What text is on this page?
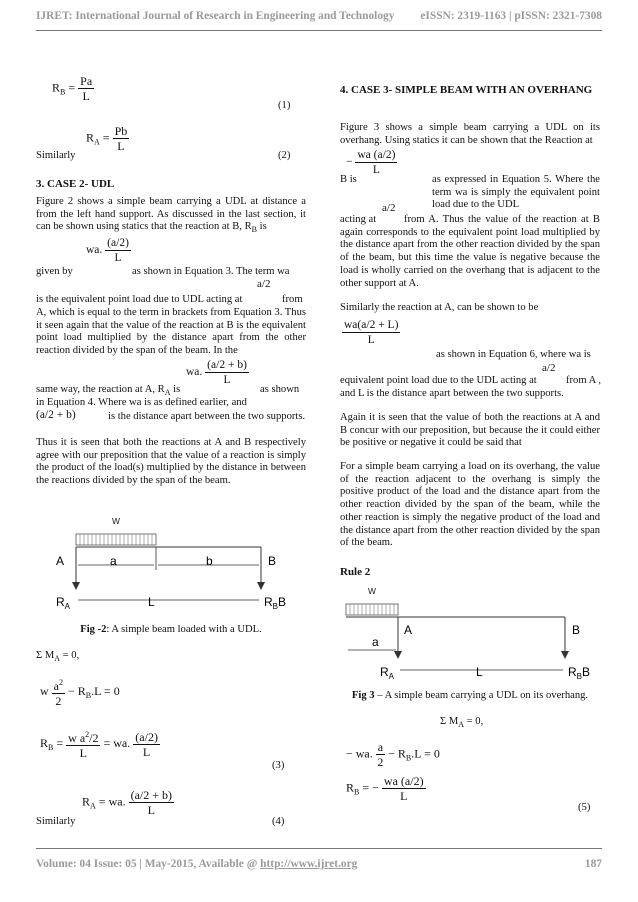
IJRET: International Journal of Research in Engineering and Technology eISSN: 2319-1163 | pISSN: 2321-7308
$R_B = \frac{Pa}{L}$
(1)
$R_A = \frac{Pb}{L}$
Similarly	(2)
3. CASE 2- UDL

Figure 2 shows a simple beam carrying a UDL at distance a from the left hand support. As discussed in the last section, it can be shown using statics that the reaction at B, $R_B$ is

wa. $\frac{(a/2)}{L}$
given by	as shown in Equation 3. The term wa
a/2
is the equivalent point load due to UDL acting at	from

A, which is equal to the term in brackets from Equation 3. Thus it seen again that the value of the reaction at B is the equivalent point load multiplied by the distance apart from the other reaction divided by the span of the beam. In the

wa. $\frac{(a/2 + b)}{L}$
same way, the reaction at A, $R_A$ is	as shown
in Equation 4. Where wa is as defined earlier, and
(a/2 + b)	is the distance apart between the two supports.

Thus it is seen that both the reactions at A and B respectively agree with our preposition that the value of a reaction is simply the product of the load(s) multiplied by the distance in between the reactions divided by the span of the beam.

w
A	a	b	B
$R_A$	L	$R_BB$
Fig -2: A simple beam loaded with a UDL.
Σ $M_A = 0$,
w $\frac{a^2}{2} - R_B.L = 0$
$R_B = \frac{w a^2/2}{L}$ = wa. $\frac{(a/2)}{L}$
(3)
$R_A$ = wa. $\frac{(a/2 + b)}{L}$
Similarly	(4)
4. CASE 3- SIMPLE BEAM WITH AN OVERHANG

Figure 3 shows a simple beam carrying a UDL on its overhang. Using statics it can be shown that the Reaction at

− $\frac{wa (a/2)}{L}$
B is	as expressed in Equation 5. Where the term wa is simply the equivalent point load due to the UDL
a/2
acting at	from A. Thus the value of the reaction at B again corresponds to the equivalent point load multiplied by the distance apart from the other reaction divided by the span of the beam, but this time the value is negative because the load is wholly carried on the overhang that is adjacent to the other support at A.

Similarly the reaction at A, can be shown to be

$\frac{wa(a/2 + L)}{L}$
as shown in Equation 6, where wa is
a/2
equivalent point load due to the UDL acting at	from A ,
and L is the distance apart between the two supports.

Again it is seen that the value of both the reactions at A and B concur with our preposition, but because the it could either be positive or negative it could be said that

For a simple beam carrying a load on its overhang, the value of the reaction adjacent to the overhang is simply the positive product of the load and the distance apart from the other reaction divided by the span of the beam, while the other reaction is simply the negative product of the load and the distance apart from the other reaction divided by the span of the beam.

Rule 2
w
a
A	B
$R_A$	L	$R_BB$
Fig 3 – A simple beam carrying a UDL on its overhang.
Σ $M_A = 0$,
− wa. $\frac{a}{2} - R_B.L = 0$
$R_B$ = − $\frac{wa (a/2)}{L}$
(5)
Volume: 04 Issue: 05 | May-2015, Available @ http://www.ijret.org	187
